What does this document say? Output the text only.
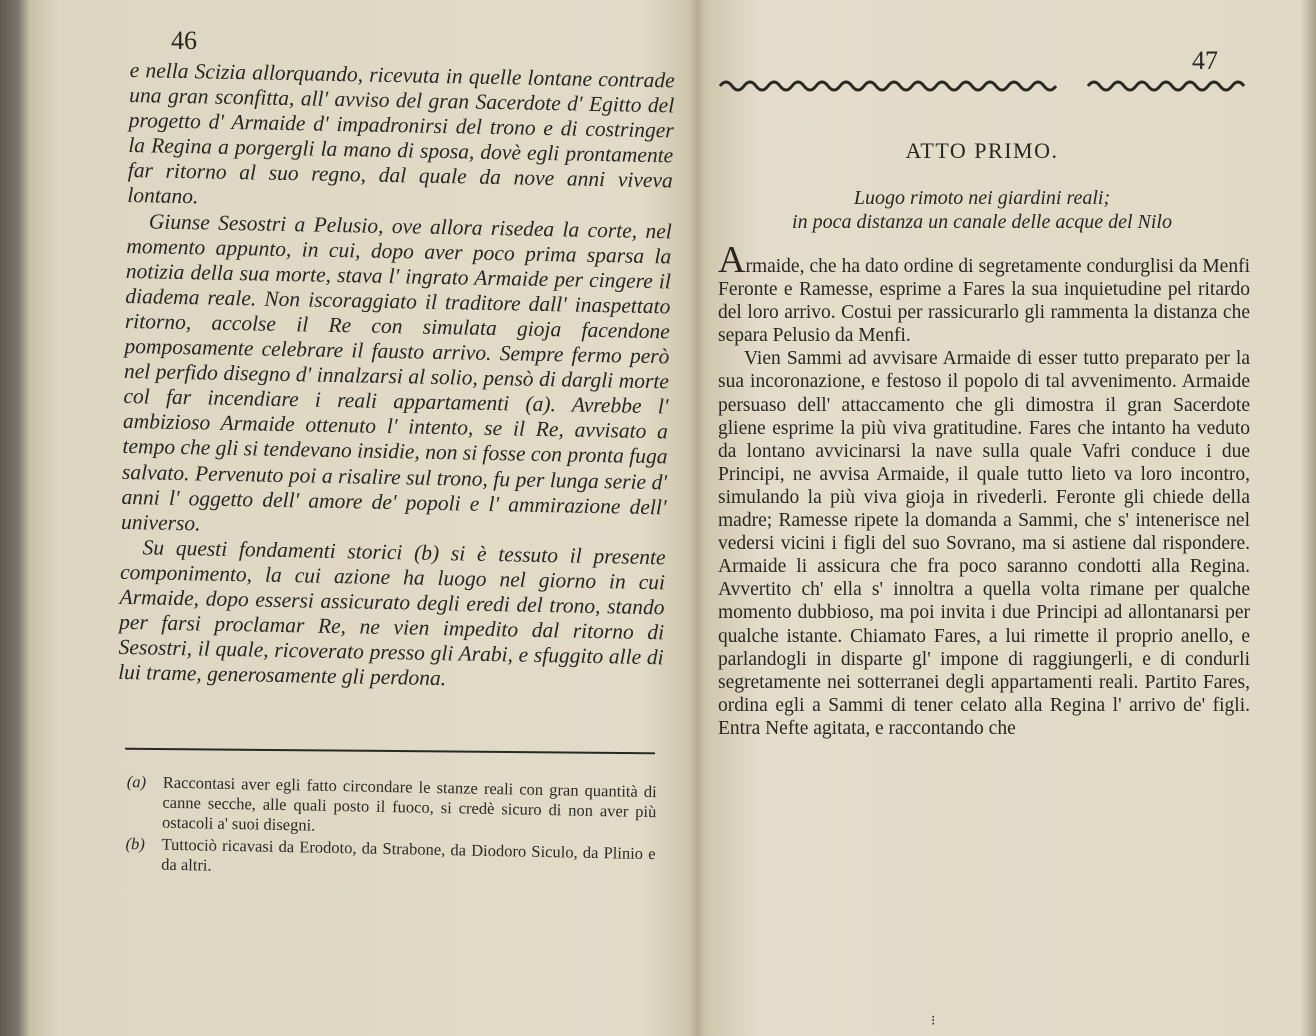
46

e nella Scizia allorquando, ricevuta in quelle lontane contrade una gran sconfitta, all' avviso del gran Sacerdote d' Egitto del progetto d' Armaide d' impadronirsi del trono e di costringer la Regina a porgergli la mano di sposa, dovè egli prontamente far ritorno al suo regno, dal quale da nove anni viveva lontano.

Giunse Sesostri a Pelusio, ove allora risedea la corte, nel momento appunto, in cui, dopo aver poco prima sparsa la notizia della sua morte, stava l' ingrato Armaide per cingere il diadema reale. Non iscoraggiato il traditore dall' inaspettato ritorno, accolse il Re con simulata gioja facendone pomposamente celebrare il fausto arrivo. Sempre fermo però nel perfido disegno d' innalzarsi al solio, pensò di dargli morte col far incendiare i reali appartamenti (a). Avrebbe l' ambizioso Armaide ottenuto l' intento, se il Re, avvisato a tempo che gli si tendevano insidie, non si fosse con pronta fuga salvato. Pervenuto poi a risalire sul trono, fu per lunga serie d' anni l' oggetto dell' amore de' popoli e l' ammirazione dell' universo.

Su questi fondamenti storici (b) si è tessuto il presente componimento, la cui azione ha luogo nel giorno in cui Armaide, dopo essersi assicurato degli eredi del trono, stando per farsi proclamar Re, ne vien impedito dal ritorno di Sesostri, il quale, ricoverato presso gli Arabi, e sfuggito alle di lui trame, generosamente gli perdona.

(a) Raccontasi aver egli fatto circondare le stanze reali con gran quantità di canne secche, alle quali posto il fuoco, si credè sicuro di non aver più ostacoli a' suoi disegni.
(b) Tuttociò ricavasi da Erodoto, da Strabone, da Diodoro Siculo, da Plinio e da altri.
47
ATTO PRIMO.
Luogo rimoto nei giardini reali;
in poca distanza un canale delle acque del Nilo

Armaide, che ha dato ordine di segretamente condurglisi da Menfi Feronte e Ramesse, esprime a Fares la sua inquietudine pel ritardo del loro arrivo. Costui per rassicurarlo gli rammenta la distanza che separa Pelusio da Menfi.

Vien Sammi ad avvisare Armaide di esser tutto preparato per la sua incoronazione, e festoso il popolo di tal avvenimento. Armaide persuaso dell' attaccamento che gli dimostra il gran Sacerdote gliene esprime la più viva gratitudine. Fares che intanto ha veduto da lontano avvicinarsi la nave sulla quale Vafri conduce i due Principi, ne avvisa Armaide, il quale tutto lieto va loro incontro, simulando la più viva gioja in rivederli. Feronte gli chiede della madre; Ramesse ripete la domanda a Sammi, che s' intenerisce nel vedersi vicini i figli del suo Sovrano, ma si astiene dal rispondere. Armaide li assicura che fra poco saranno condotti alla Regina. Avvertito ch' ella s' innoltra a quella volta rimane per qualche momento dubbioso, ma poi invita i due Principi ad allontanarsi per qualche istante. Chiamato Fares, a lui rimette il proprio anello, e parlandogli in disparte gl' impone di raggiungerli, e di condurli segretamente nei sotterranei degli appartamenti reali. Partito Fares, ordina egli a Sammi di tener celato alla Regina l' arrivo de' figli. Entra Nefte agitata, e raccontando che

⁝
